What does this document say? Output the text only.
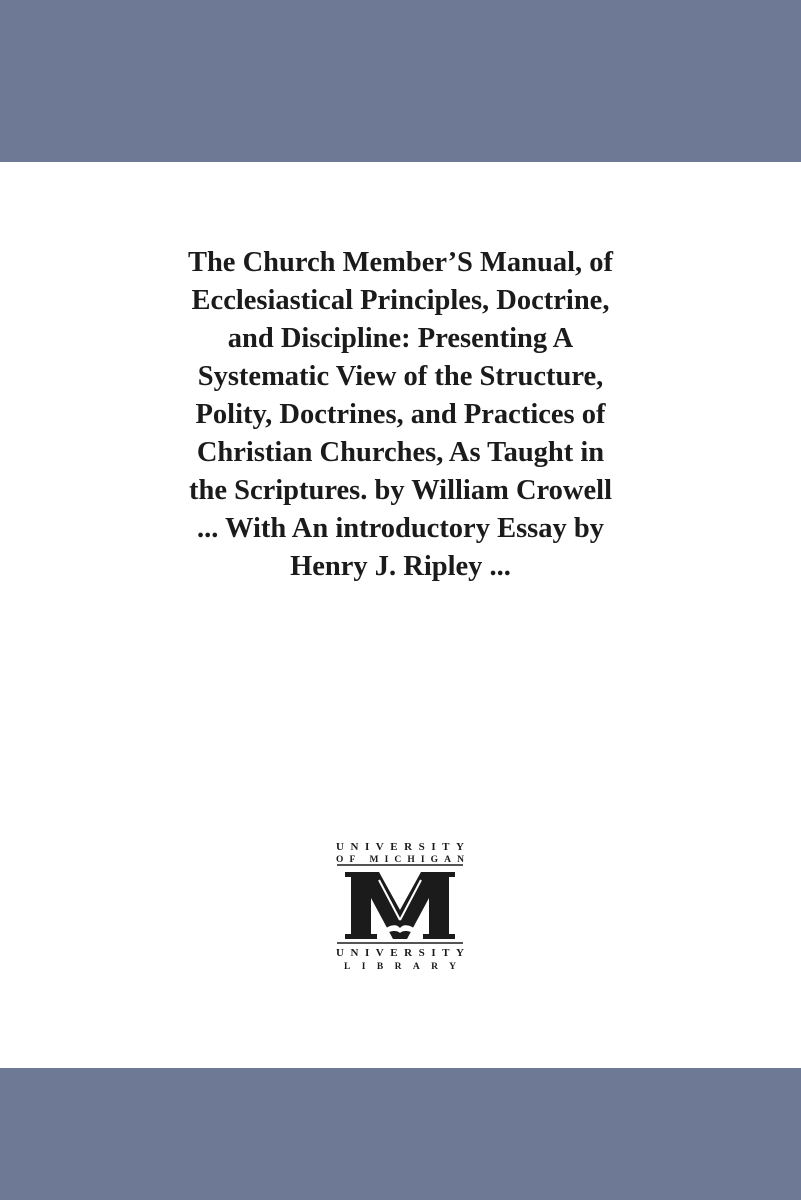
The Church Member’S Manual, of
Ecclesiastical Principles, Doctrine,
and Discipline: Presenting A
Systematic View of the Structure,
Polity, Doctrines, and Practices of
Christian Churches, As Taught in
the Scriptures. by William Crowell
... With An introductory Essay by
Henry J. Ripley ...
UNIVERSITY
OF MICHIGAN
UNIVERSITY
LIBRARY
